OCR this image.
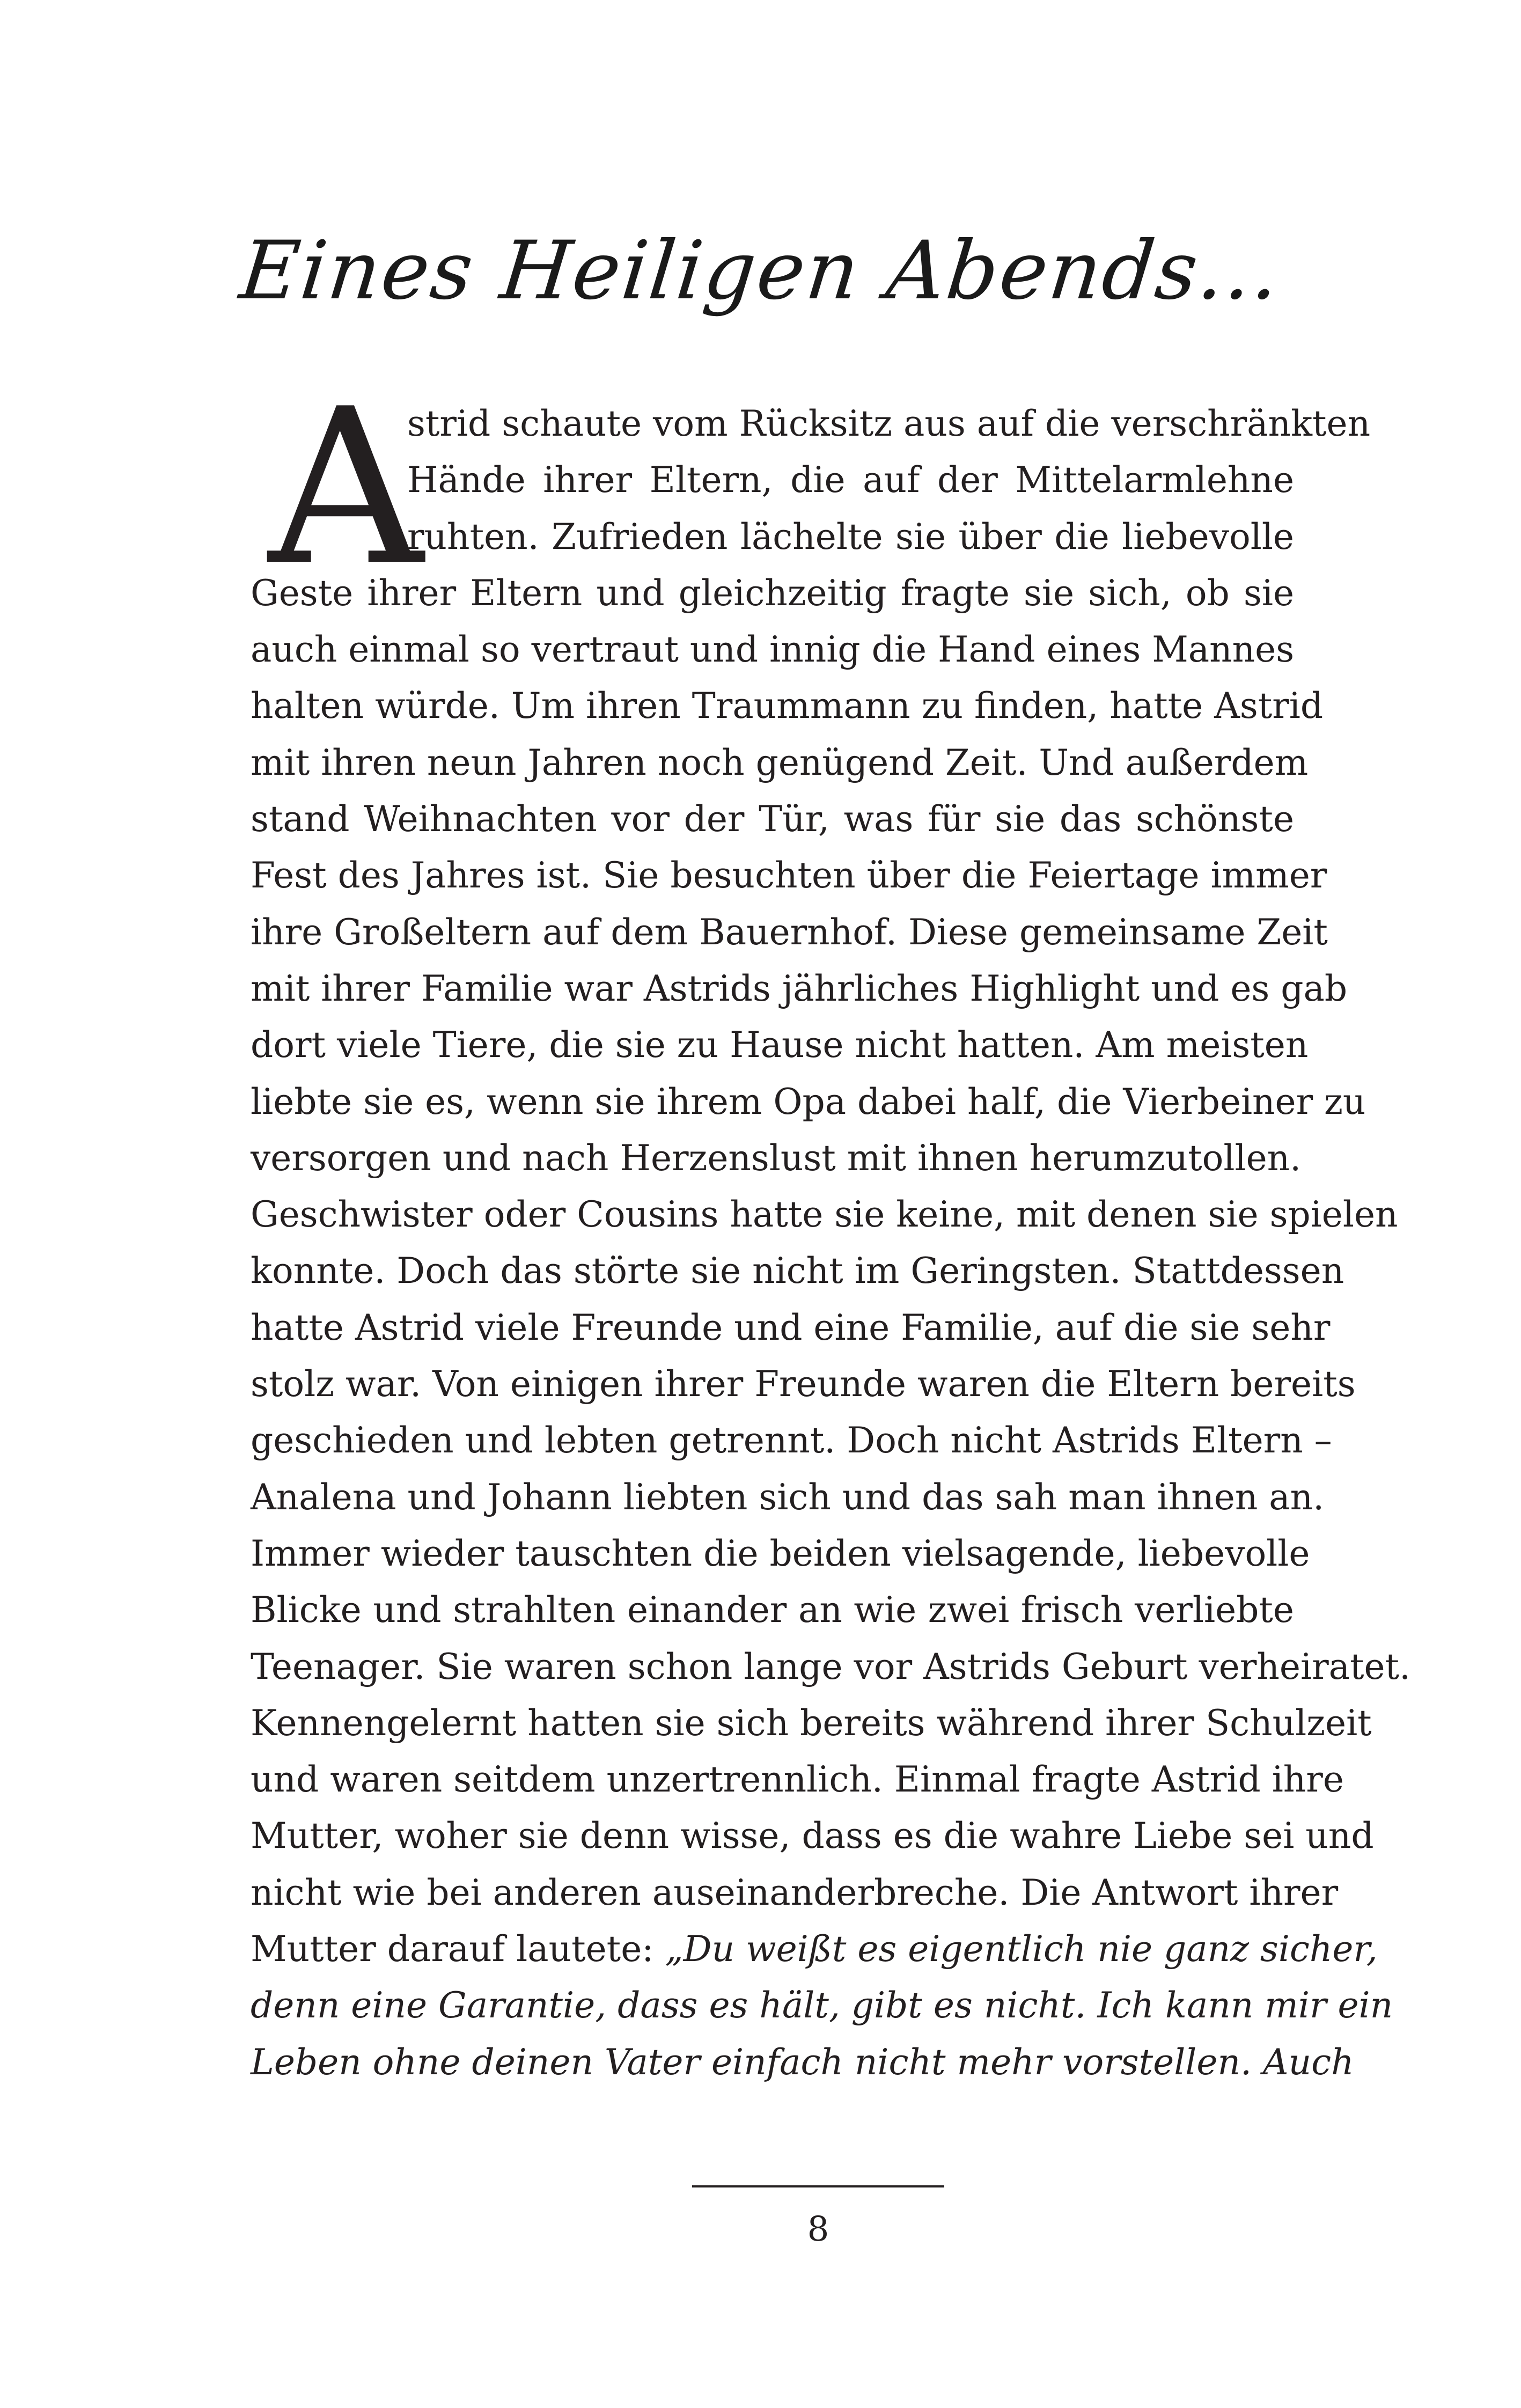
Eines Heiligen Abends...
A
strid schaute vom Rücksitz aus auf die verschränkten
Hände ihrer Eltern, die auf der Mittelarmlehne
ruhten. Zufrieden lächelte sie über die liebevolle
Geste ihrer Eltern und gleichzeitig fragte sie sich, ob sie
auch einmal so vertraut und innig die Hand eines Mannes
halten würde. Um ihren Traummann zu finden, hatte Astrid
mit ihren neun Jahren noch genügend Zeit. Und außerdem
stand Weihnachten vor der Tür, was für sie das schönste
Fest des Jahres ist. Sie besuchten über die Feiertage immer
ihre Großeltern auf dem Bauernhof. Diese gemeinsame Zeit
mit ihrer Familie war Astrids jährliches Highlight und es gab
dort viele Tiere, die sie zu Hause nicht hatten. Am meisten
liebte sie es, wenn sie ihrem Opa dabei half, die Vierbeiner zu
versorgen und nach Herzenslust mit ihnen herumzutollen.
Geschwister oder Cousins hatte sie keine, mit denen sie spielen
konnte. Doch das störte sie nicht im Geringsten. Stattdessen
hatte Astrid viele Freunde und eine Familie, auf die sie sehr
stolz war. Von einigen ihrer Freunde waren die Eltern bereits
geschieden und lebten getrennt. Doch nicht Astrids Eltern –
Analena und Johann liebten sich und das sah man ihnen an.
Immer wieder tauschten die beiden vielsagende, liebevolle
Blicke und strahlten einander an wie zwei frisch verliebte
Teenager. Sie waren schon lange vor Astrids Geburt verheiratet.
Kennengelernt hatten sie sich bereits während ihrer Schulzeit
und waren seitdem unzertrennlich. Einmal fragte Astrid ihre
Mutter, woher sie denn wisse, dass es die wahre Liebe sei und
nicht wie bei anderen auseinanderbreche. Die Antwort ihrer
Mutter darauf lautete: „Du weißt es eigentlich nie ganz sicher,
denn eine Garantie, dass es hält, gibt es nicht. Ich kann mir ein
Leben ohne deinen Vater einfach nicht mehr vorstellen. Auch
8
